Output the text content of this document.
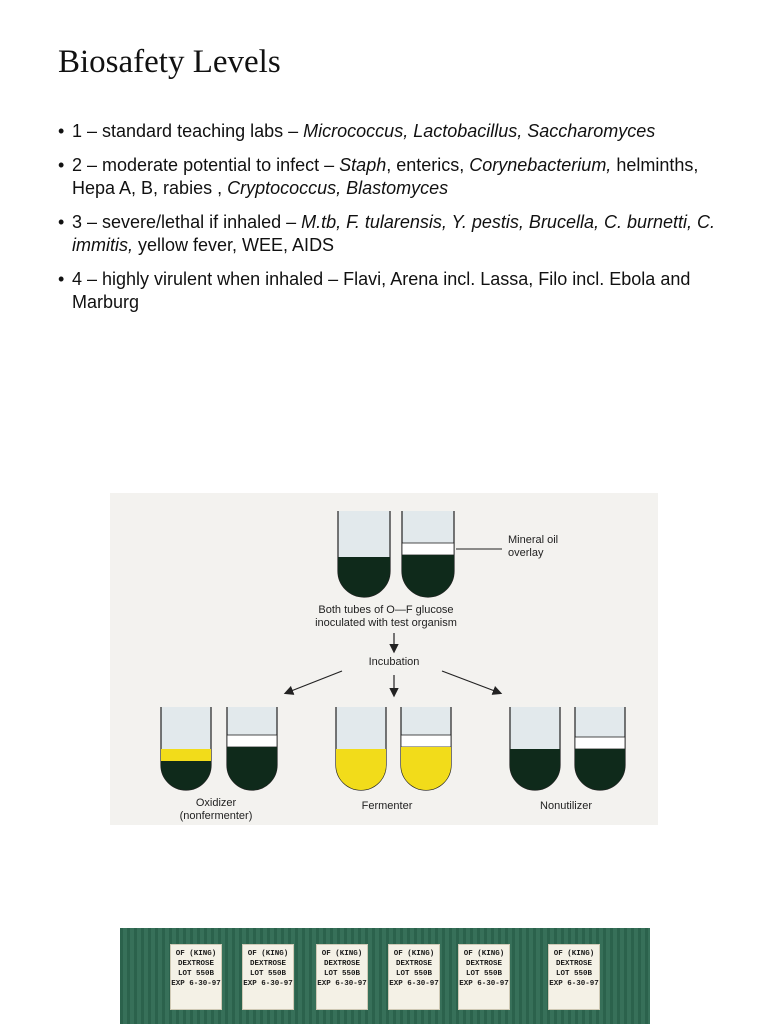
Biosafety Levels
• 1 – standard teaching labs – Micrococcus, Lactobacillus, Saccharomyces
• 2 – moderate potential to infect – Staph, enterics, Corynebacterium, helminths, Hepa A, B, rabies , Cryptococcus, Blastomyces
• 3 – severe/lethal if inhaled – M.tb, F. tularensis, Y. pestis, Brucella, C. burnetti, C. immitis, yellow fever, WEE, AIDS
• 4 – highly virulent when inhaled – Flavi, Arena incl. Lassa, Filo incl. Ebola and Marburg
Mineral oil
overlay
Both tubes of O—F glucose
inoculated with test organism
Incubation
Oxidizer
(nonfermenter)
Fermenter	Nonutilizer
OF (KING)
DEXTROSE
LOT 550B
EXP 6-30-97
OF (KING)
DEXTROSE
LOT 550B
EXP 6-30-97
OF (KING)
DEXTROSE
LOT 550B
EXP 6-30-97
OF (KING)
DEXTROSE
LOT 550B
EXP 6-30-97
OF (KING)
DEXTROSE
LOT 550B
EXP 6-30-97
OF (KING)
DEXTROSE
LOT 550B
EXP 6-30-97
